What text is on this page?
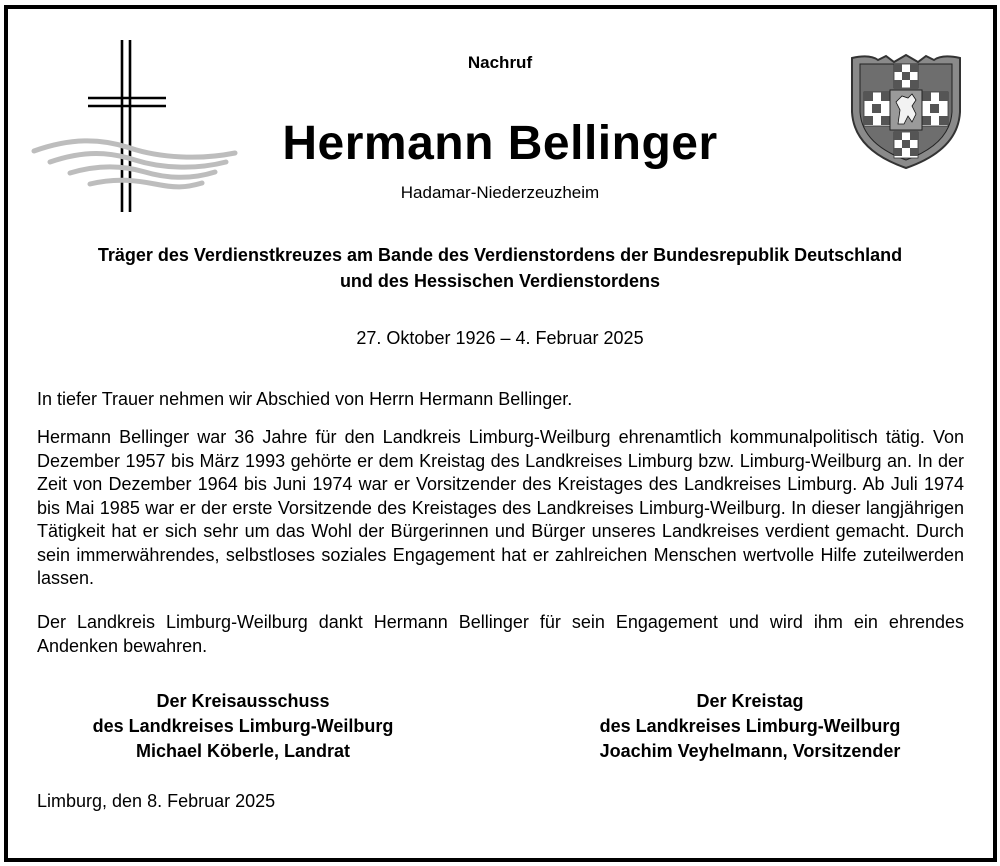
Nachruf
Hermann Bellinger
Hadamar-Niederzeuzheim
Träger des Verdienstkreuzes am Bande des Verdienstordens der Bundesrepublik Deutschland
und des Hessischen Verdienstordens
27. Oktober 1926 – 4. Februar 2025

In tiefer Trauer nehmen wir Abschied von Herrn Hermann Bellinger.

Hermann Bellinger war 36 Jahre für den Landkreis Limburg-Weilburg ehrenamtlich kommunalpolitisch tätig. Von Dezember 1957 bis März 1993 gehörte er dem Kreistag des Landkreises Limburg bzw. Limburg-Weilburg an. In der Zeit von Dezember 1964 bis Juni 1974 war er Vorsitzender des Kreistages des Landkreises Limburg. Ab Juli 1974 bis Mai 1985 war er der erste Vorsitzende des Kreistages des Landkreises Limburg-Weilburg. In dieser langjährigen Tätigkeit hat er sich sehr um das Wohl der Bürgerinnen und Bürger unseres Landkreises verdient gemacht. Durch sein immerwährendes, selbstloses soziales Engagement hat er zahlreichen Menschen wertvolle Hilfe zuteilwerden lassen.

Der Landkreis Limburg-Weilburg dankt Hermann Bellinger für sein Engagement und wird ihm ein ehrendes Andenken bewahren.

Der Kreisausschuss
des Landkreises Limburg-Weilburg
Michael Köberle, Landrat
Der Kreistag
des Landkreises Limburg-Weilburg
Joachim Veyhelmann, Vorsitzender
Limburg, den 8. Februar 2025
